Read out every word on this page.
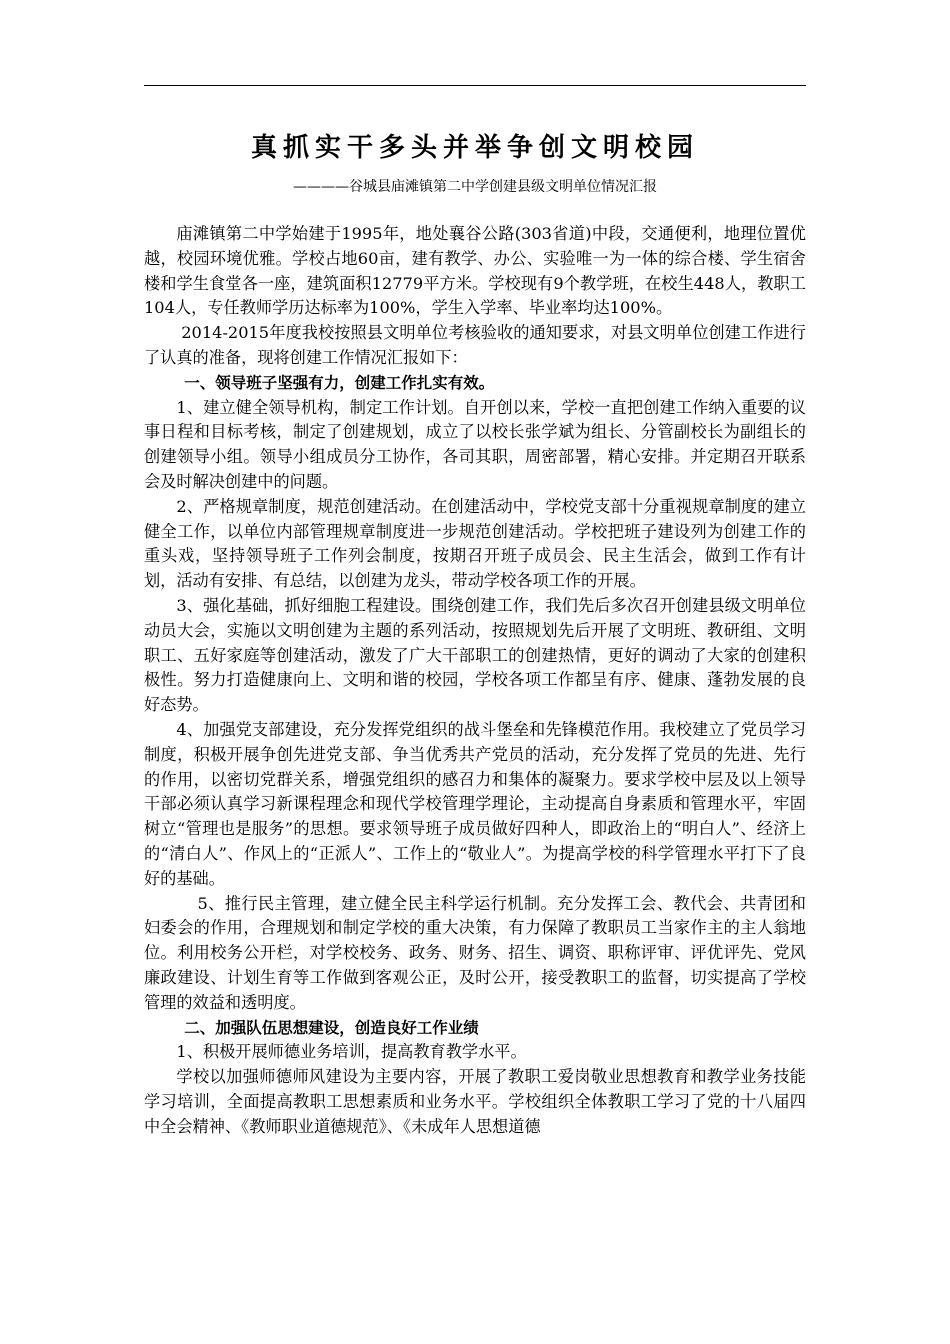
真抓实干多头并举争创文明校园
————谷城县庙滩镇第二中学创建县级文明单位情况汇报

庙滩镇第二中学始建于1995年，地处襄谷公路(303省道)中段，交通便利，地理位置优越，校园环境优雅。学校占地60亩，建有教学、办公、实验唯一为一体的综合楼、学生宿舍楼和学生食堂各一座，建筑面积12779平方米。学校现有9个教学班，在校生448人，教职工104人，专任教师学历达标率为100%，学生入学率、毕业率均达100%。

2014-2015年度我校按照县文明单位考核验收的通知要求，对县文明单位创建工作进行了认真的准备，现将创建工作情况汇报如下：

一、领导班子坚强有力，创建工作扎实有效。

1、建立健全领导机构，制定工作计划。自开创以来，学校一直把创建工作纳入重要的议事日程和目标考核，制定了创建规划，成立了以校长张学斌为组长、分管副校长为副组长的创建领导小组。领导小组成员分工协作，各司其职，周密部署，精心安排。并定期召开联系会及时解决创建中的问题。

2、严格规章制度，规范创建活动。在创建活动中，学校党支部十分重视规章制度的建立健全工作，以单位内部管理规章制度进一步规范创建活动。学校把班子建设列为创建工作的重头戏，坚持领导班子工作列会制度，按期召开班子成员会、民主生活会，做到工作有计划，活动有安排、有总结，以创建为龙头，带动学校各项工作的开展。

3、强化基础，抓好细胞工程建设。围绕创建工作，我们先后多次召开创建县级文明单位动员大会，实施以文明创建为主题的系列活动，按照规划先后开展了文明班、教研组、文明职工、五好家庭等创建活动，激发了广大干部职工的创建热情，更好的调动了大家的创建积极性。努力打造健康向上、文明和谐的校园，学校各项工作都呈有序、健康、蓬勃发展的良好态势。

4、加强党支部建设，充分发挥党组织的战斗堡垒和先锋模范作用。我校建立了党员学习制度，积极开展争创先进党支部、争当优秀共产党员的活动，充分发挥了党员的先进、先行的作用，以密切党群关系，增强党组织的感召力和集体的凝聚力。要求学校中层及以上领导干部必须认真学习新课程理念和现代学校管理学理论，主动提高自身素质和管理水平，牢固树立“管理也是服务”的思想。要求领导班子成员做好四种人，即政治上的“明白人”、经济上的“清白人”、作风上的“正派人”、工作上的“敬业人”。为提高学校的科学管理水平打下了良好的基础。

5、推行民主管理，建立健全民主科学运行机制。充分发挥工会、教代会、共青团和妇委会的作用，合理规划和制定学校的重大决策，有力保障了教职员工当家作主的主人翁地位。利用校务公开栏，对学校校务、政务、财务、招生、调资、职称评审、评优评先、党风廉政建设、计划生育等工作做到客观公正，及时公开，接受教职工的监督，切实提高了学校管理的效益和透明度。

二、加强队伍思想建设，创造良好工作业绩

1、积极开展师德业务培训，提高教育教学水平。

学校以加强师德师风建设为主要内容，开展了教职工爱岗敬业思想教育和教学业务技能学习培训，全面提高教职工思想素质和业务水平。学校组织全体教职工学习了党的十八届四中全会精神、《教师职业道德规范》、《未成年人思想道德
